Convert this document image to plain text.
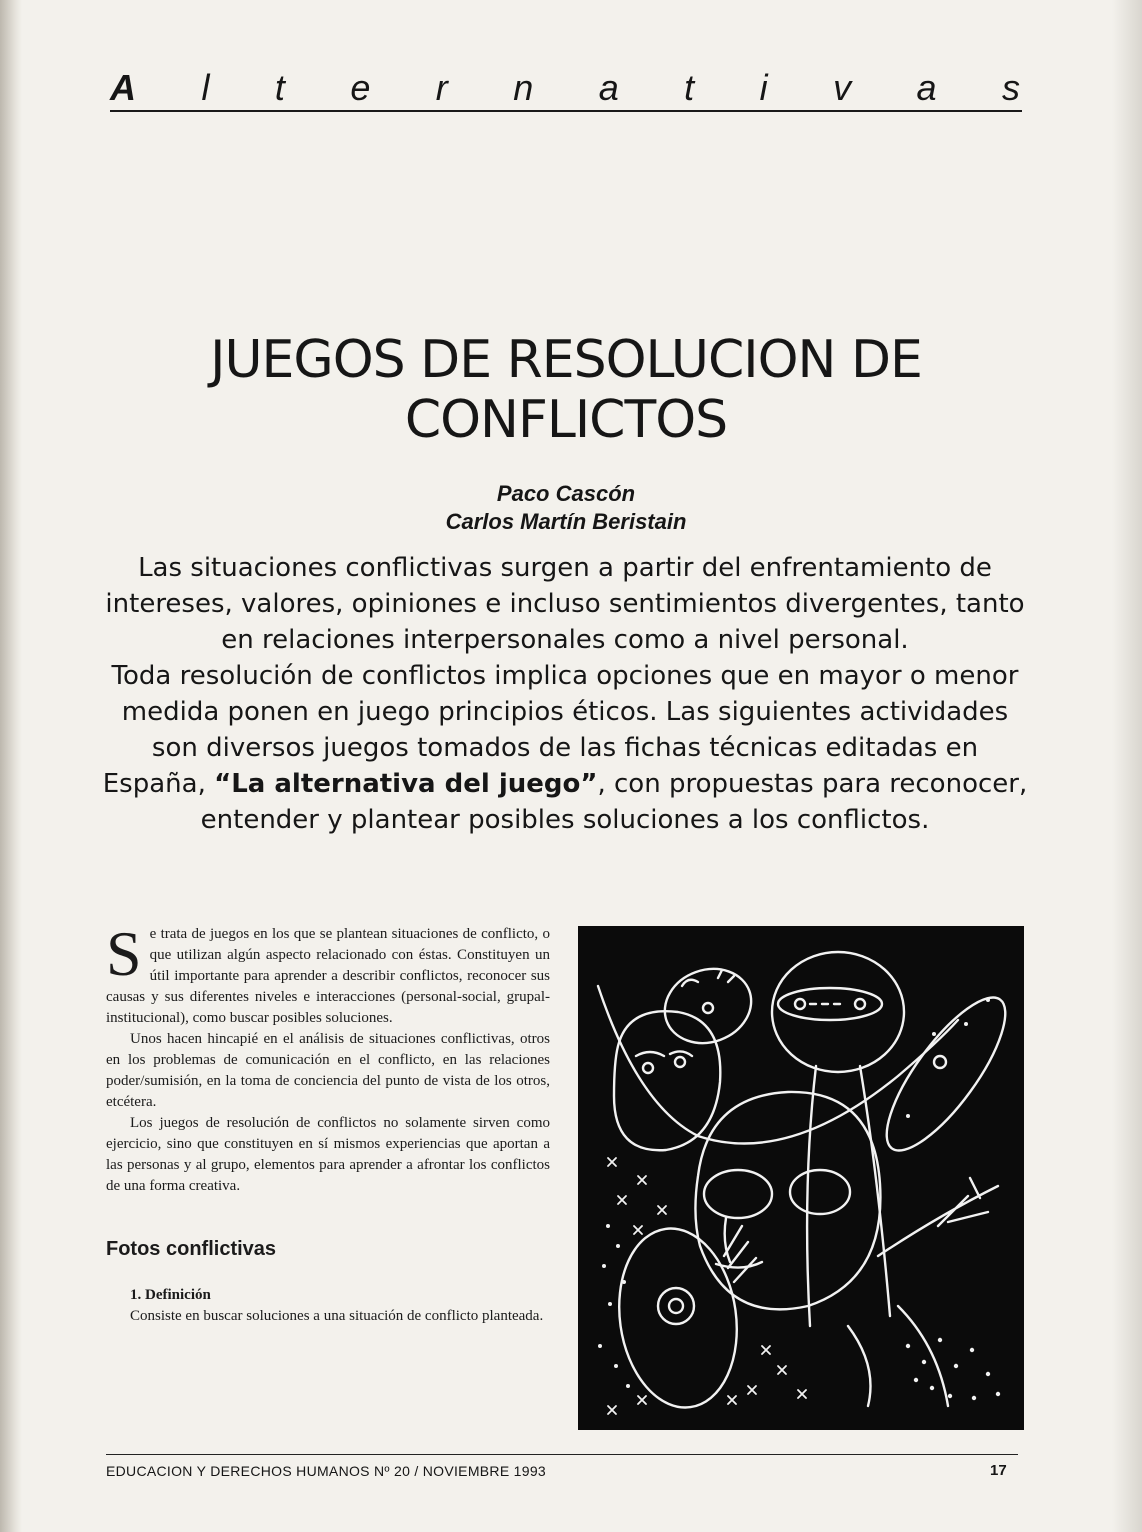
A l t e r n a t i v a s
JUEGOS DE RESOLUCION DE
CONFLICTOS
Paco Cascón
Carlos Martín Beristain

Las situaciones conflictivas surgen a partir del enfrentamiento de intereses, valores, opiniones e incluso sentimientos divergentes, tanto en relaciones interpersonales como a nivel personal.

Toda resolución de conflictos implica opciones que en mayor o menor medida ponen en juego principios éticos. Las siguientes actividades son diversos juegos tomados de las fichas técnicas editadas en España, “La alternativa del juego”, con propuestas para reconocer, entender y plantear posibles soluciones a los conflictos.

Se trata de juegos en los que se plantean situaciones de conflicto, o que utilizan algún aspecto relacionado con éstas. Constituyen un útil importante para aprender a describir conflictos, reconocer sus causas y sus diferentes niveles e interacciones (personal-social, grupal-institucional), como buscar posibles soluciones.

Unos hacen hincapié en el análisis de situaciones conflictivas, otros en los problemas de comunicación en el conflicto, en las relaciones poder/sumisión, en la toma de conciencia del punto de vista de los otros, etcétera.

Los juegos de resolución de conflictos no solamente sirven como ejercicio, sino que constituyen en sí mismos experiencias que aportan a las personas y al grupo, elementos para aprender a afrontar los conflictos de una forma creativa.

Fotos conflictivas

1. Definición

Consiste en buscar soluciones a una situación de conflicto planteada.

EDUCACION Y DERECHOS HUMANOS Nº 20 / NOVIEMBRE 1993	17
